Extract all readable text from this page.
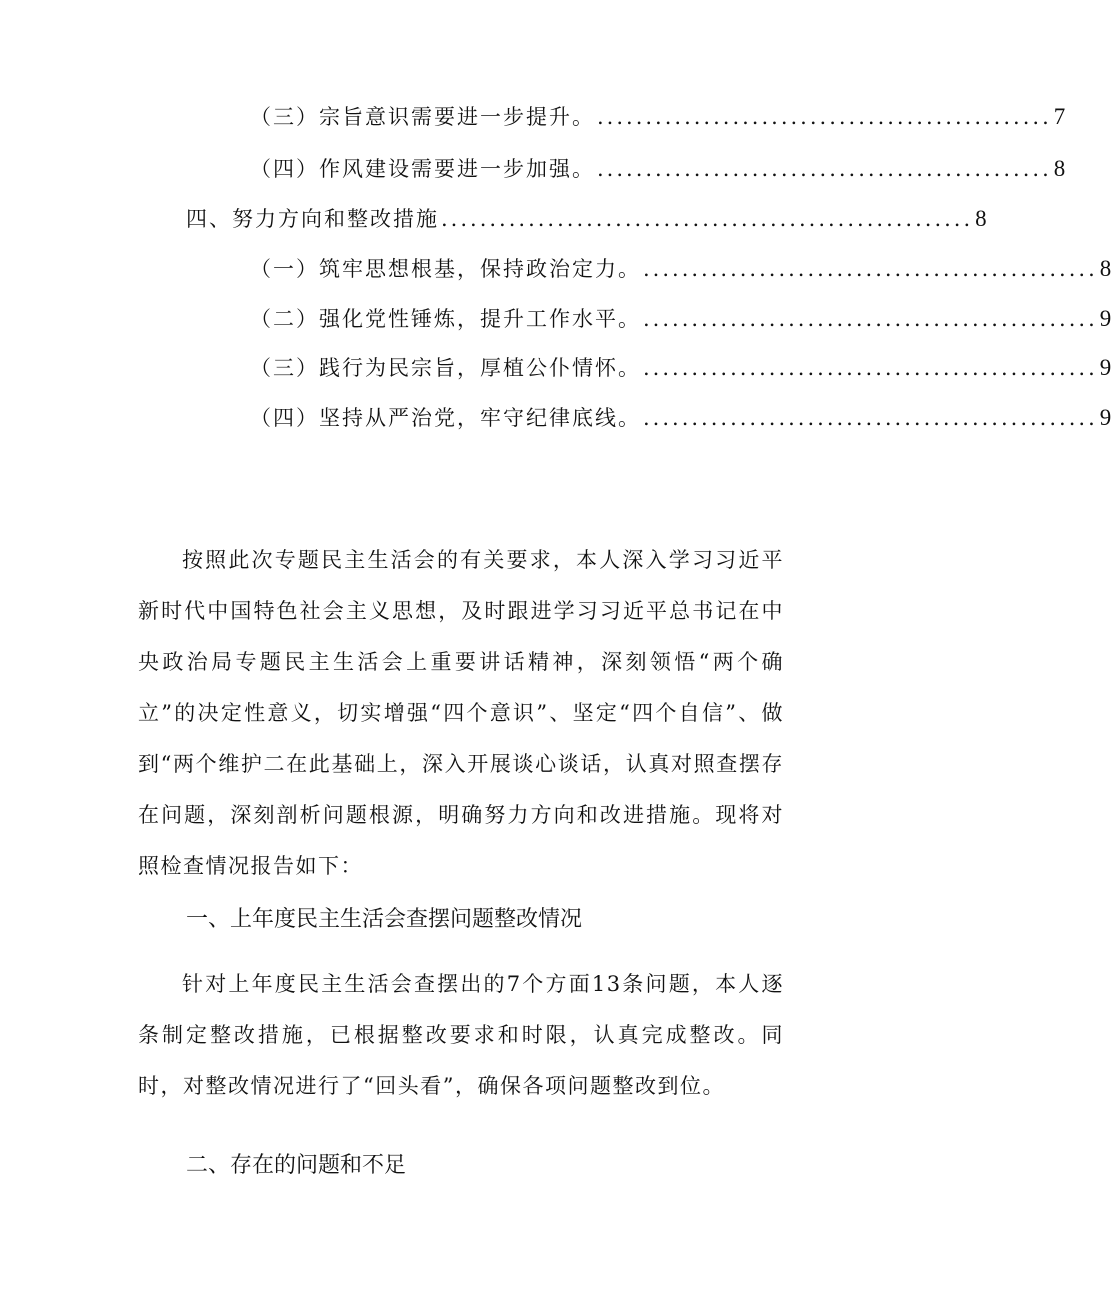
（三）宗旨意识需要进一步提升。 ............................................... 7
（四）作风建设需要进一步加强。 ............................................... 8
四、努力方向和整改措施 ....................................................... 8
（一）筑牢思想根基，保持政治定力。 ............................................... 8
（二）强化党性锤炼，提升工作水平。 ............................................... 9
（三）践行为民宗旨，厚植公仆情怀。 ............................................... 9
（四）坚持从严治党，牢守纪律底线。 ............................................... 9
按照此次专题民主生活会的有关要求，本人深入学习习近平新时代中国特色社会主义思想，及时跟进学习习近平总书记在中央政治局专题民主生活会上重要讲话精神，深刻领悟“两个确立”的决定性意义，切实增强“四个意识”、坚定“四个自信”、做到“两个维护二在此基础上，深入开展谈心谈话，认真对照查摆存在问题，深刻剖析问题根源，明确努力方向和改进措施。现将对照检查情况报告如下：
一、上年度民主生活会查摆问题整改情况
针对上年度民主生活会查摆出的7个方面13条问题，本人逐条制定整改措施，已根据整改要求和时限，认真完成整改。同时，对整改情况进行了“回头看”，确保各项问题整改到位。
二、存在的问题和不足
